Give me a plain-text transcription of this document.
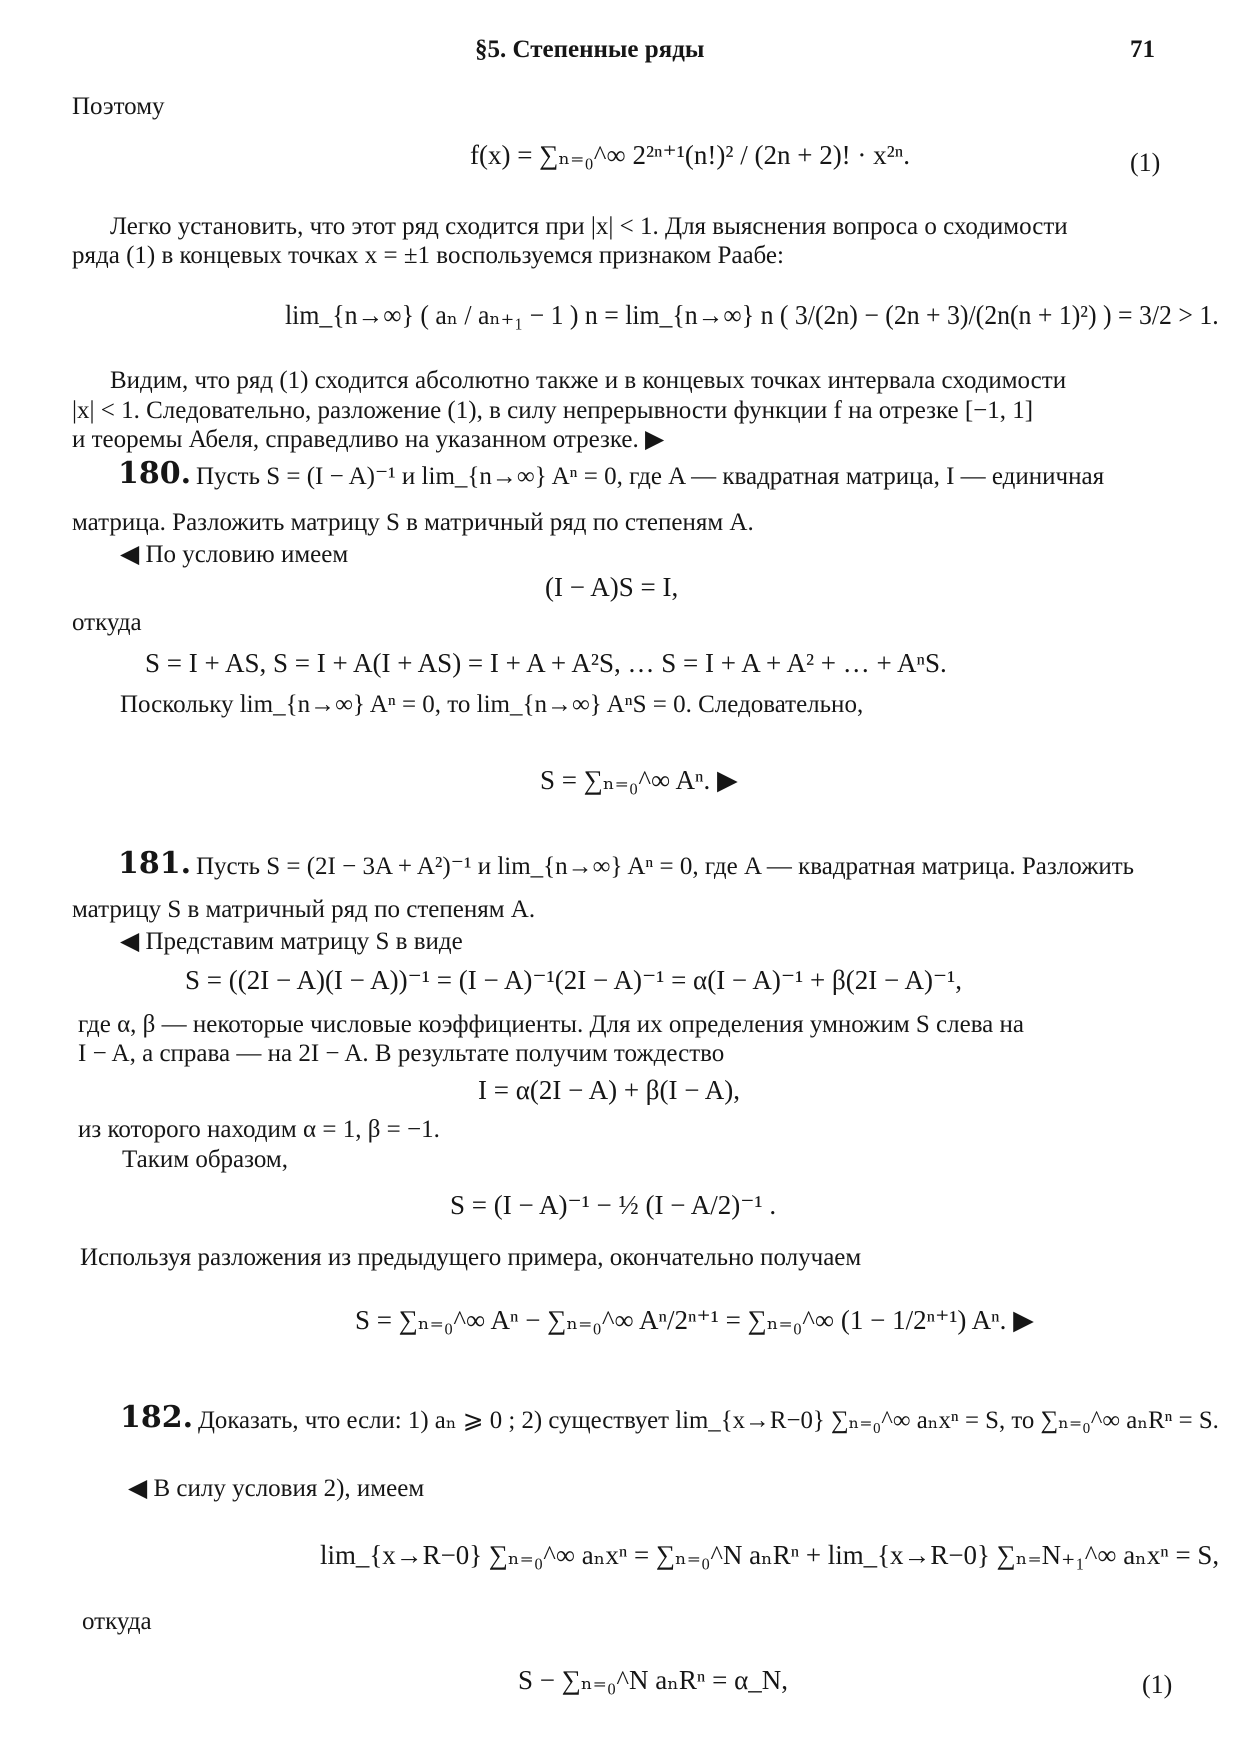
§5. Степенные ряды	71
Поэтому
f(x) = ∑ₙ₌₀^∞ 2²ⁿ⁺¹(n!)² / (2n + 2)! · x²ⁿ.	(1)
Легко установить, что этот ряд сходится при |x| < 1. Для выяснения вопроса о сходимости
ряда (1) в концевых точках x = ±1 воспользуемся признаком Раабе:
lim_{n→∞} ( aₙ / aₙ₊₁ − 1 ) n = lim_{n→∞} n ( 3/(2n) − (2n + 3)/(2n(n + 1)²) ) = 3/2 > 1.
Видим, что ряд (1) сходится абсолютно также и в концевых точках интервала сходимости
|x| < 1. Следовательно, разложение (1), в силу непрерывности функции f на отрезке [−1, 1]
и теоремы Абеля, справедливо на указанном отрезке. ▶
180. Пусть S = (I − A)⁻¹ и lim_{n→∞} Aⁿ = 0, где A — квадратная матрица, I — единичная
матрица. Разложить матрицу S в матричный ряд по степеням A.
◀ По условию имеем
(I − A)S = I,
откуда
S = I + AS, S = I + A(I + AS) = I + A + A²S, … S = I + A + A² + … + AⁿS.
Поскольку lim_{n→∞} Aⁿ = 0, то lim_{n→∞} AⁿS = 0. Следовательно,
S = ∑ₙ₌₀^∞ Aⁿ. ▶
181. Пусть S = (2I − 3A + A²)⁻¹ и lim_{n→∞} Aⁿ = 0, где A — квадратная матрица. Разложить
матрицу S в матричный ряд по степеням A.
◀ Представим матрицу S в виде
S = ((2I − A)(I − A))⁻¹ = (I − A)⁻¹(2I − A)⁻¹ = α(I − A)⁻¹ + β(2I − A)⁻¹,
где α, β — некоторые числовые коэффициенты. Для их определения умножим S слева на
I − A, а справа — на 2I − A. В результате получим тождество
I = α(2I − A) + β(I − A),
из которого находим α = 1, β = −1.
Таким образом,
S = (I − A)⁻¹ − ½ (I − A/2)⁻¹ .
Используя разложения из предыдущего примера, окончательно получаем
S = ∑ₙ₌₀^∞ Aⁿ − ∑ₙ₌₀^∞ Aⁿ/2ⁿ⁺¹ = ∑ₙ₌₀^∞ (1 − 1/2ⁿ⁺¹) Aⁿ. ▶
182. Доказать, что если: 1) aₙ ⩾ 0 ; 2) существует lim_{x→R−0} ∑ₙ₌₀^∞ aₙxⁿ = S, то ∑ₙ₌₀^∞ aₙRⁿ = S.
◀ В силу условия 2), имеем
lim_{x→R−0} ∑ₙ₌₀^∞ aₙxⁿ = ∑ₙ₌₀^N aₙRⁿ + lim_{x→R−0} ∑ₙ₌N₊₁^∞ aₙxⁿ = S,
откуда
S − ∑ₙ₌₀^N aₙRⁿ = α_N,	(1)
